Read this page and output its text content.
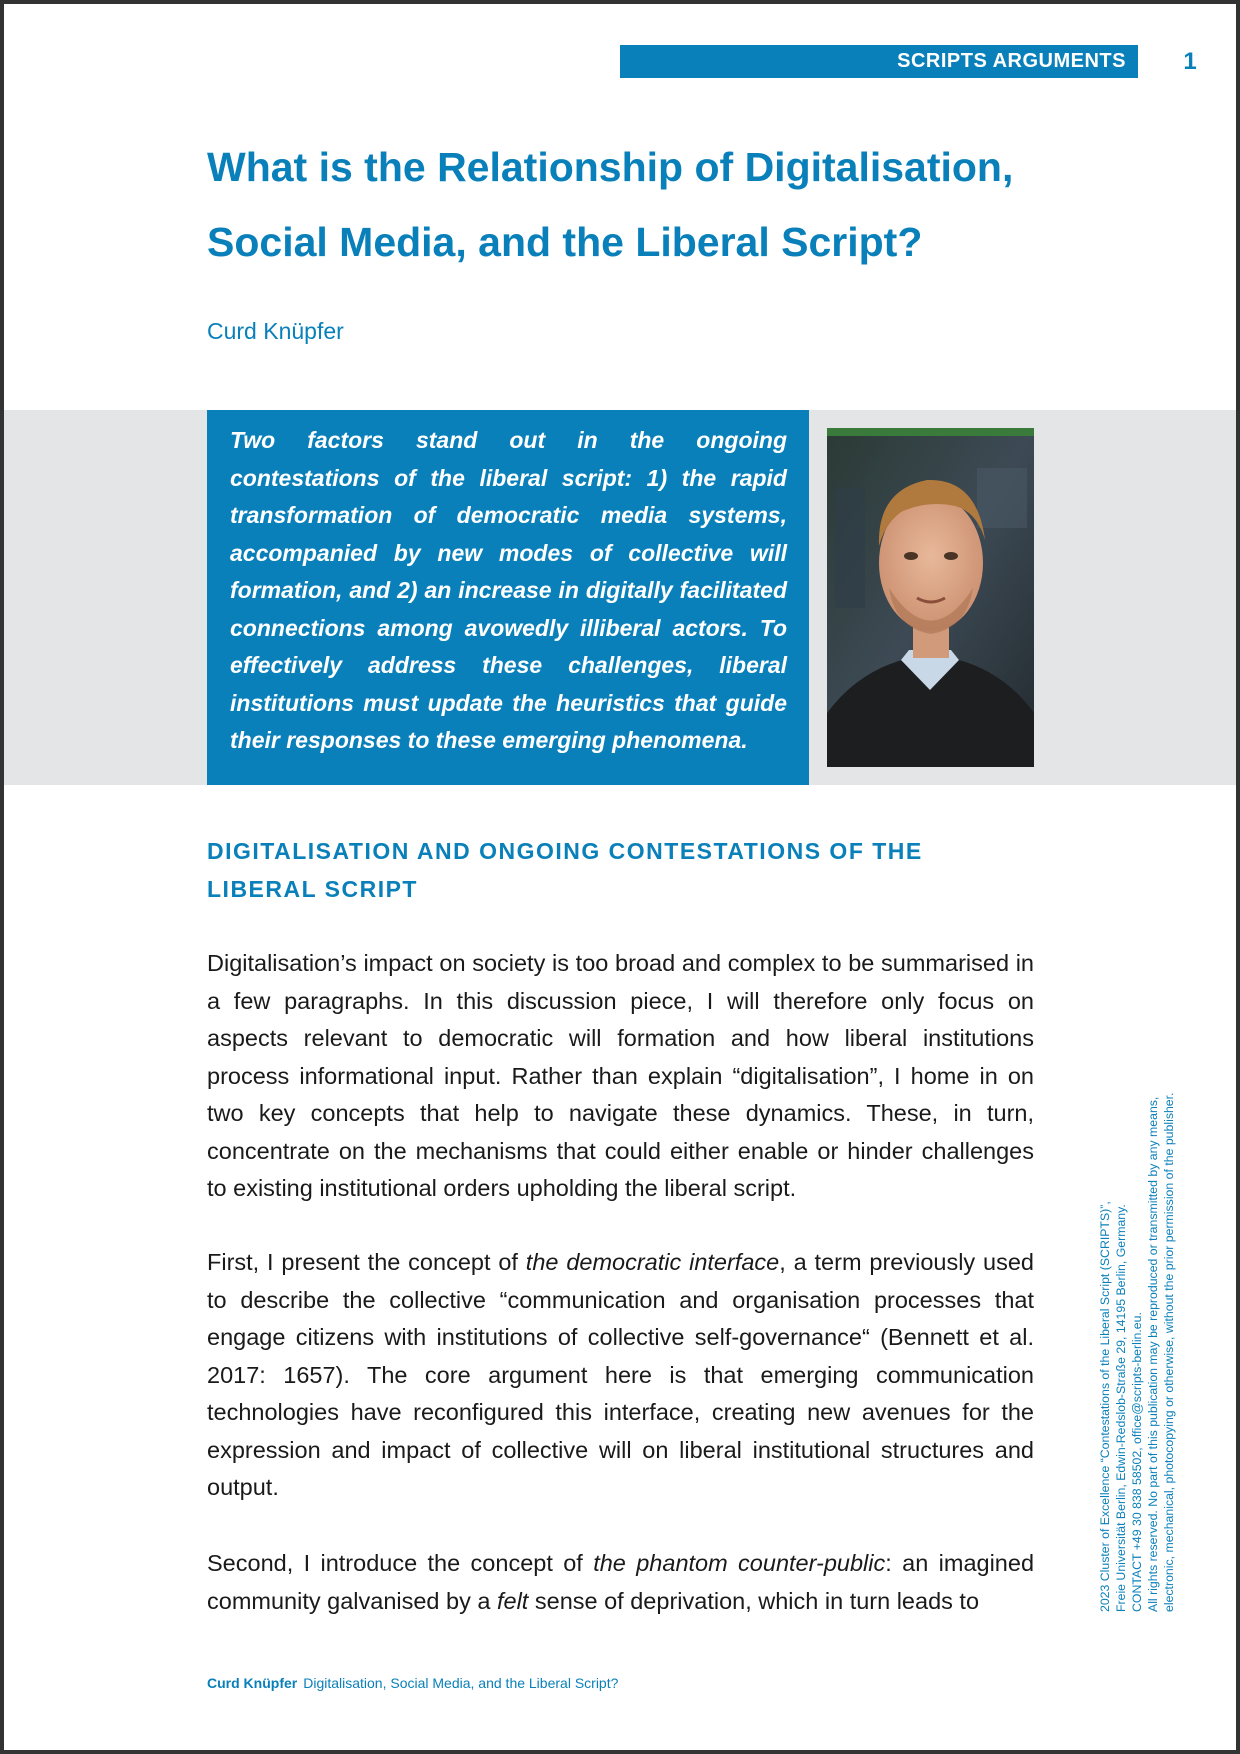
SCRIPTS ARGUMENTS	1
What is the Relationship of Digitalisation, Social Media, and the Liberal Script?
Curd Knüpfer
Two factors stand out in the ongoing contestations of the liberal script: 1) the rapid transformation of democratic media systems, accompanied by new modes of collective will formation, and 2) an increase in digitally facilitated connections among avowedly illiberal actors. To effectively address these challenges, liberal institutions must update the heuristics that guide their responses to these emerging phenomena.
DIGITALISATION AND ONGOING CONTESTATIONS OF THE LIBERAL SCRIPT

Digitalisation’s impact on society is too broad and complex to be summarised in a few paragraphs. In this discussion piece, I will therefore only focus on aspects relevant to democratic will formation and how liberal institutions process informational input. Rather than explain “digitalisation”, I home in on two key concepts that help to navigate these dynamics. These, in turn, concentrate on the mechanisms that could either enable or hinder challenges to existing institutional orders upholding the liberal script.

First, I present the concept of the democratic interface, a term previously used to describe the collective “communication and organisation processes that engage citizens with institutions of collective self-governance“ (Bennett et al. 2017: 1657). The core argument here is that emerging communication technologies have reconfigured this interface, creating new avenues for the expression and impact of collective will on liberal institutional structures and output.

Second, I introduce the concept of the phantom counter-public: an imagined community galvanised by a felt sense of deprivation, which in turn leads to

Curd Knüpfer Digitalisation, Social Media, and the Liberal Script?
2023 Cluster of Excellence “Contestations of the Liberal Script (SCRIPTS)”, Freie Universität Berlin, Edwin-Redslob-Straße 29, 14195 Berlin, Germany. CONTACT +49 30 838 58502, office@scripts-berlin.eu. All rights reserved. No part of this publication may be reproduced or transmitted by any means, electronic, mechanical, photocopying or otherwise, without the prior permission of the publisher.
